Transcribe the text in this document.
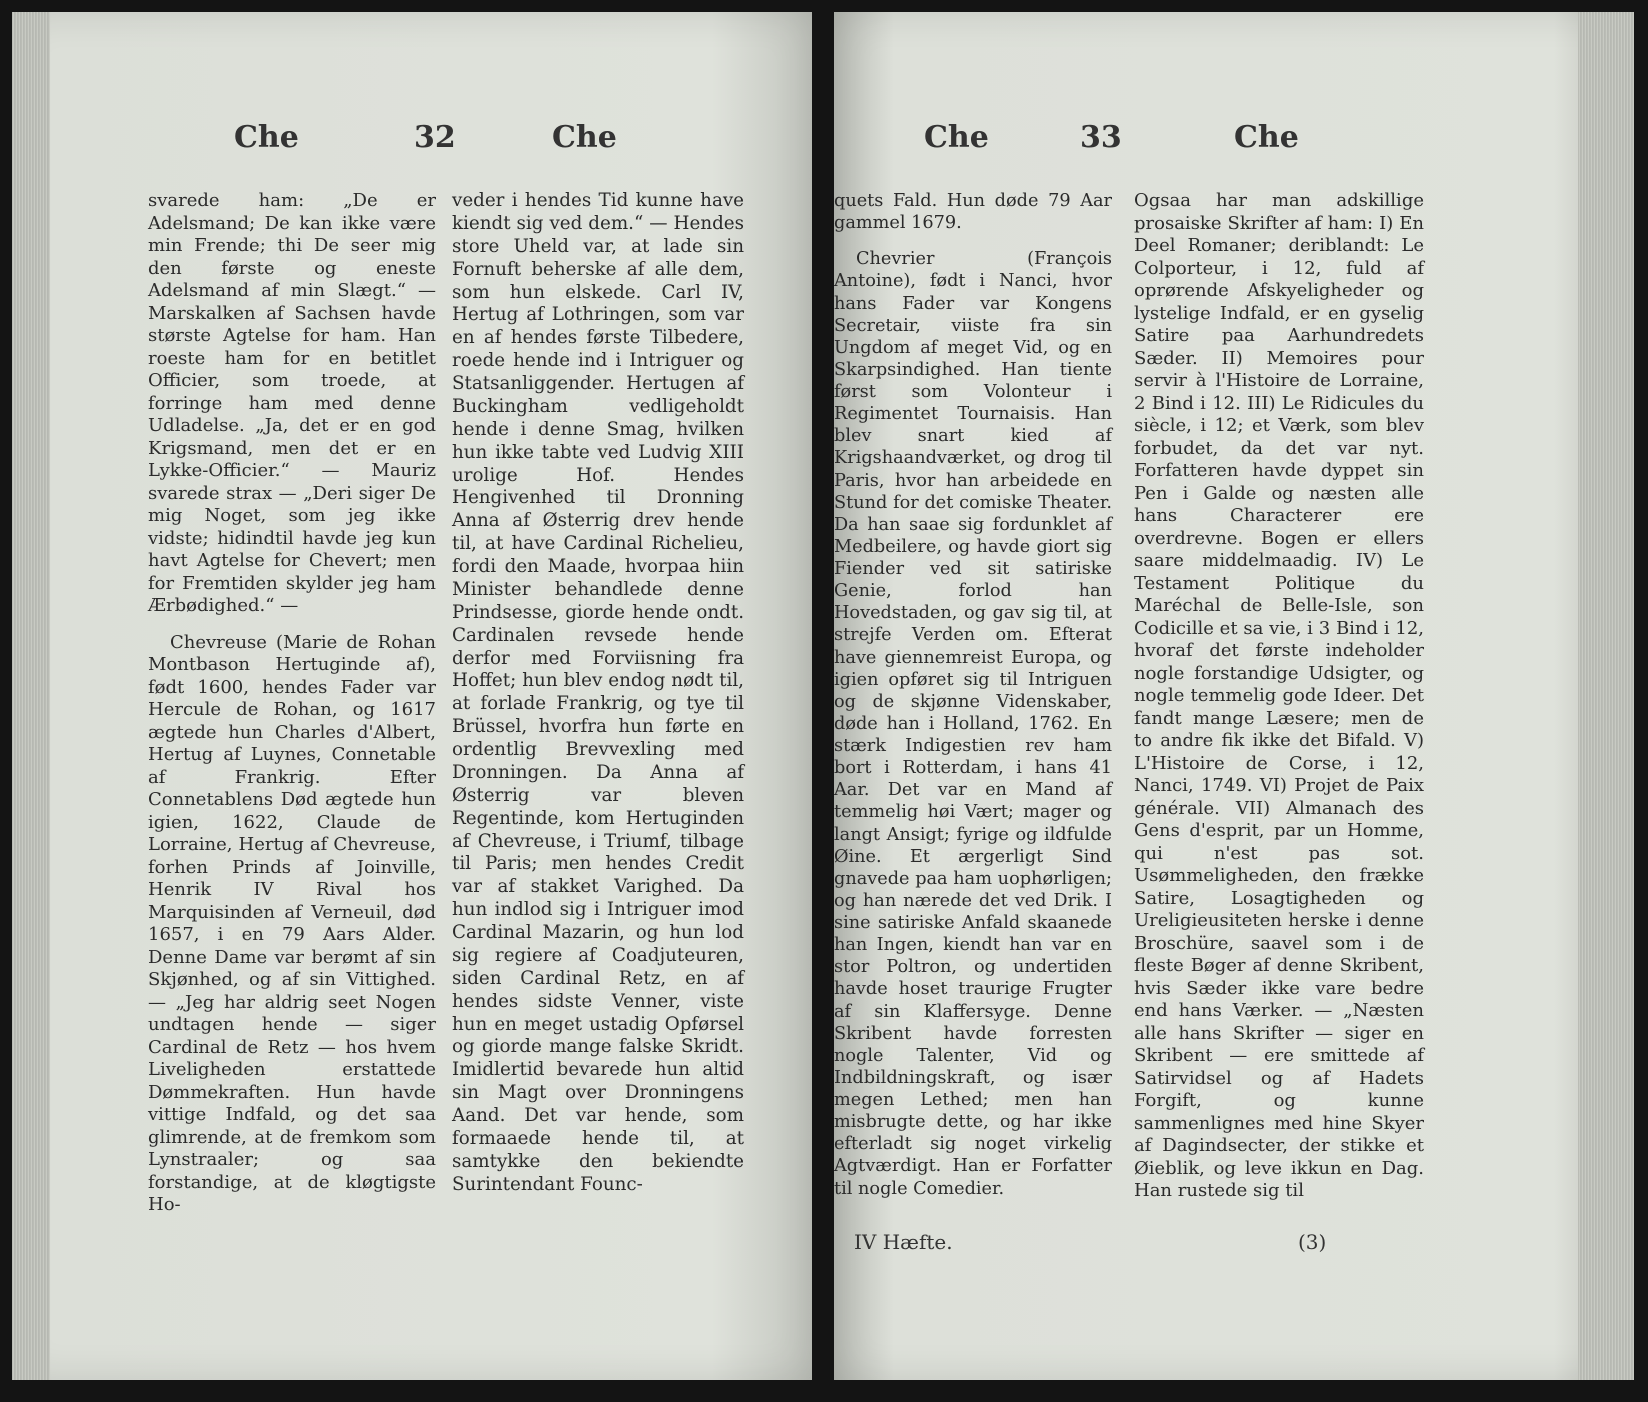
Che	32	Che

svarede ham: „De er Adelsmand; De kan ikke være min Frende; thi De seer mig den første og eneste Adelsmand af min Slægt.“ — Marskalken af Sachsen havde største Agtelse for ham. Han roeste ham for en betitlet Officier, som troede, at forringe ham med denne Udladelse. „Ja, det er en god Krigsmand, men det er en Lykke-Officier.“ — Mauriz svarede strax — „Deri siger De mig Noget, som jeg ikke vidste; hidindtil havde jeg kun havt Agtelse for Chevert; men for Fremtiden skylder jeg ham Ærbødighed.“ —

Chevreuse (Marie de Rohan Montbason Hertuginde af), født 1600, hendes Fader var Hercule de Rohan, og 1617 ægtede hun Charles d'Albert, Hertug af Luynes, Connetable af Frankrig. Efter Connetablens Død ægtede hun igien, 1622, Claude de Lorraine, Hertug af Chevreuse, forhen Prinds af Joinville, Henrik IV Rival hos Marquisinden af Verneuil, død 1657, i en 79 Aars Alder. Denne Dame var berømt af sin Skjønhed, og af sin Vittighed. — „Jeg har aldrig seet Nogen undtagen hende — siger Cardinal de Retz — hos hvem Liveligheden erstattede Dømmekraften. Hun havde vittige Indfald, og det saa glimrende, at de fremkom som Lynstraaler; og saa forstandige, at de kløgtigste Ho-

veder i hendes Tid kunne have kiendt sig ved dem.“ — Hendes store Uheld var, at lade sin Fornuft beherske af alle dem, som hun elskede. Carl IV, Hertug af Lothringen, som var en af hendes første Tilbedere, roede hende ind i Intriguer og Statsanliggender. Hertugen af Buckingham vedligeholdt hende i denne Smag, hvilken hun ikke tabte ved Ludvig XIII urolige Hof. Hendes Hengivenhed til Dronning Anna af Østerrig drev hende til, at have Cardinal Richelieu, fordi den Maade, hvorpaa hiin Minister behandlede denne Prindsesse, giorde hende ondt. Cardinalen revsede hende derfor med Forviisning fra Hoffet; hun blev endog nødt til, at forlade Frankrig, og tye til Brüssel, hvorfra hun førte en ordentlig Brevvexling med Dronningen. Da Anna af Østerrig var bleven Regentinde, kom Hertuginden af Chevreuse, i Triumf, tilbage til Paris; men hendes Credit var af stakket Varighed. Da hun indlod sig i Intriguer imod Cardinal Mazarin, og hun lod sig regiere af Coadjuteuren, siden Cardinal Retz, en af hendes sidste Venner, viste hun en meget ustadig Opførsel og giorde mange falske Skridt. Imidlertid bevarede hun altid sin Magt over Dronningens Aand. Det var hende, som formaaede hende til, at samtykke den bekiendte Surintendant Founc-

Che	33	Che

quets Fald. Hun døde 79 Aar gammel 1679.

Chevrier (François Antoine), født i Nanci, hvor hans Fader var Kongens Secretair, viiste fra sin Ungdom af meget Vid, og en Skarpsindighed. Han tiente først som Volonteur i Regimentet Tournaisis. Han blev snart kied af Krigshaandværket, og drog til Paris, hvor han arbeidede en Stund for det comiske Theater. Da han saae sig fordunklet af Medbeilere, og havde giort sig Fiender ved sit satiriske Genie, forlod han Hovedstaden, og gav sig til, at strejfe Verden om. Efterat have giennemreist Europa, og igien opføret sig til Intriguen og de skjønne Videnskaber, døde han i Holland, 1762. En stærk Indigestien rev ham bort i Rotterdam, i hans 41 Aar. Det var en Mand af temmelig høi Vært; mager og langt Ansigt; fyrige og ildfulde Øine. Et ærgerligt Sind gnavede paa ham uophørligen; og han nærede det ved Drik. I sine satiriske Anfald skaanede han Ingen, kiendt han var en stor Poltron, og undertiden havde hoset traurige Frugter af sin Klaffersyge. Denne Skribent havde forresten nogle Talenter, Vid og Indbildningskraft, og især megen Lethed; men han misbrugte dette, og har ikke efterladt sig noget virkelig Agtværdigt. Han er Forfatter til nogle Comedier.

Ogsaa har man adskillige prosaiske Skrifter af ham: I) En Deel Romaner; deriblandt: Le Colporteur, i 12, fuld af oprørende Afskyeligheder og lystelige Indfald, er en gyselig Satire paa Aarhundredets Sæder. II) Memoires pour servir à l'Histoire de Lorraine, 2 Bind i 12. III) Le Ridicules du siècle, i 12; et Værk, som blev forbudet, da det var nyt. Forfatteren havde dyppet sin Pen i Galde og næsten alle hans Characterer ere overdrevne. Bogen er ellers saare middelmaadig. IV) Le Testament Politique du Maréchal de Belle-Isle, son Codicille et sa vie, i 3 Bind i 12, hvoraf det første indeholder nogle forstandige Udsigter, og nogle temmelig gode Ideer. Det fandt mange Læsere; men de to andre fik ikke det Bifald. V) L'Histoire de Corse, i 12, Nanci, 1749. VI) Projet de Paix générale. VII) Almanach des Gens d'esprit, par un Homme, qui n'est pas sot. Usømmeligheden, den frække Satire, Losagtigheden og Ureligieusiteten herske i denne Broschüre, saavel som i de fleste Bøger af denne Skribent, hvis Sæder ikke vare bedre end hans Værker. — „Næsten alle hans Skrifter — siger en Skribent — ere smittede af Satirvidsel og af Hadets Forgift, og kunne sammenlignes med hine Skyer af Dagindsecter, der stikke et Øieblik, og leve ikkun en Dag. Han rustede sig til

IV Hæfte.	(3)
